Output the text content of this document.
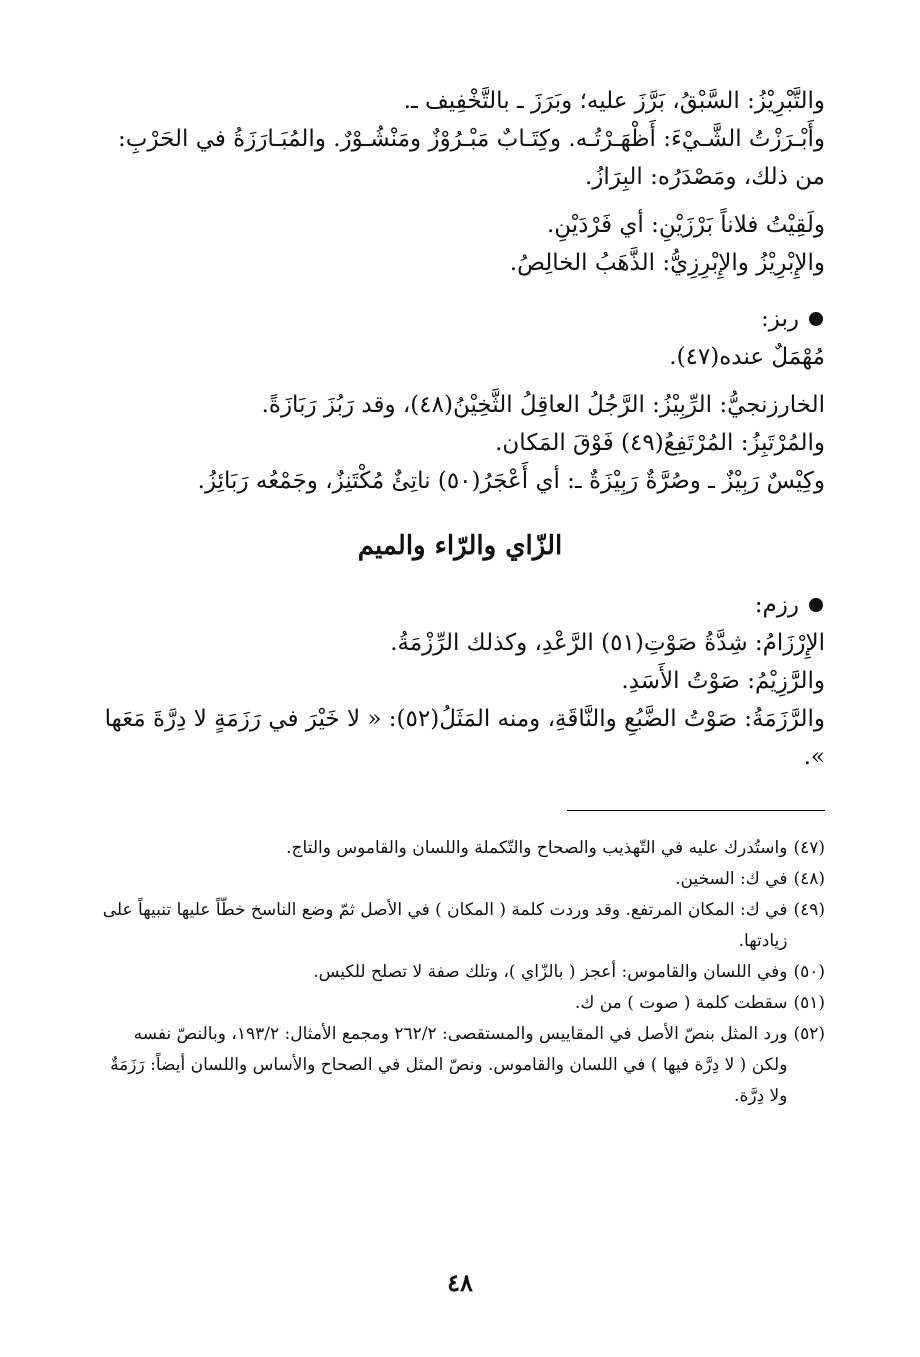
والتَّبْرِيْزُ: السَّبْقُ، بَرَّزَ عليه؛ وبَرَزَ ـ بالتَّخْفِيف ـ.

وأَبْـرَزْتُ الشَّـيْءَ: أَظْهَـرْتُـه. وكِتَـابٌ مَبْـرُوْزٌ ومَنْشُـوْرٌ. والمُبَـارَزَةُ في الحَرْبِ: من ذلك، ومَصْدَرُه: البِرَازُ.

ولَقِيْتُ فلاناً بَرْزَيْنِ: أي فَرْدَيْنِ.

والإِبْرِيْزُ والإِبْرِزِيُّ: الذَّهَبُ الخالِصُ.

ربز:

مُهْمَلٌ عنده(٤٧).

الخارزنجيُّ: الرِّبِيْزُ: الرَّجُلُ العاقِلُ الثَّخِيْنُ(٤٨)، وقد رَبُزَ رَبَازَةً.

والمُرْتَبِزُ: المُرْتَفِعُ(٤٩) فَوْقَ المَكان.

وكِيْسٌ رَبِيْزٌ ـ وصُرَّةٌ رَبِيْزَةٌ ـ: أي أَعْجَرُ(٥٠) ناتِئٌ مُكْتَنِزٌ، وجَمْعُه رَبَائِزُ.

الزّاي والرّاء والميم
رزم:

الإِرْزَامُ: شِدَّةُ صَوْتِ(٥١) الرَّعْدِ، وكذلك الرِّزْمَةُ.

والرَّزِيْمُ: صَوْتُ الأَسَدِ.

والرَّزَمَةُ: صَوْتُ الضَّبُعِ والنَّاقَةِ، ومنه المَثَلُ(٥٢): « لا خَيْرَ في رَزَمَةٍ لا دِرَّةَ مَعَها ».

(٤٧)
واستُدرك عليه في التّهذيب والصحاح والتّكملة واللسان والقاموس والتاج.
(٤٨)
في ك: السخين.
(٤٩)
في ك: المكان المرتفع. وقد وردت كلمة ( المكان ) في الأصل ثمّ وضع الناسخ خطّاً عليها تنبيهاً على زيادتها.
(٥٠)
وفي اللسان والقاموس: أعجز ( بالزّاي )، وتلك صفة لا تصلح للكيس.
(٥١)
سقطت كلمة ( صوت ) من ك.
(٥٢)
ورد المثل بنصّ الأصل في المقاييس والمستقصى: ٢٦٢/٢ ومجمع الأمثال: ١٩٣/٢، وبالنصّ نفسه ولكن ( لا دِرَّة فيها ) في اللسان والقاموس. ونصّ المثل في الصحاح والأساس واللسان أيضاً: رَزَمَةٌ ولا دِرَّة.
٤٨
